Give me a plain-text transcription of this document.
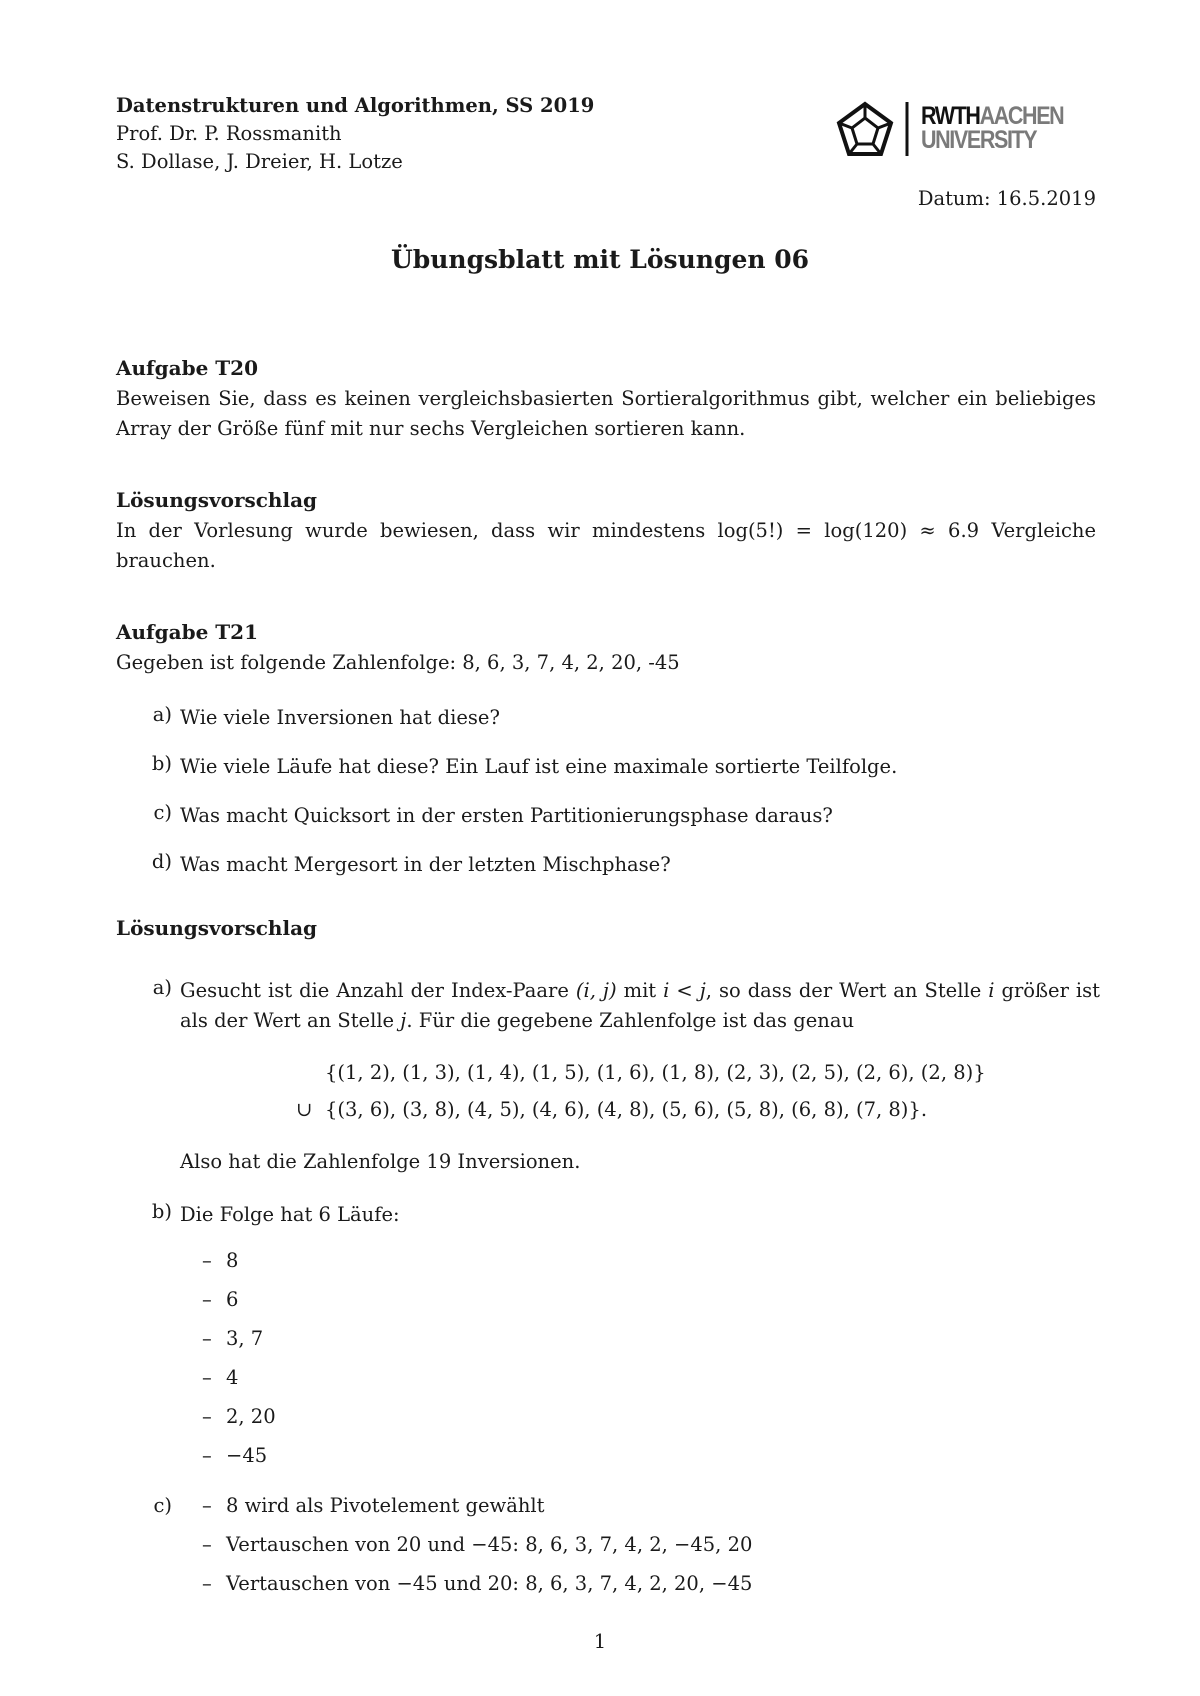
Datenstrukturen und Algorithmen, SS 2019
Prof. Dr. P. Rossmanith
S. Dollase, J. Dreier, H. Lotze
RWTHAACHEN
UNIVERSITY
Datum: 16.5.2019
Übungsblatt mit Lösungen 06
Aufgabe T20
Beweisen Sie, dass es keinen vergleichsbasierten Sortieralgorithmus gibt, welcher ein beliebiges Array der Größe fünf mit nur sechs Vergleichen sortieren kann.
Lösungsvorschlag
In der Vorlesung wurde bewiesen, dass wir mindestens log(5!) = log(120) ≈ 6.9 Vergleiche brauchen.
Aufgabe T21
Gegeben ist folgende Zahlenfolge: 8, 6, 3, 7, 4, 2, 20, -45
a) Wie viele Inversionen hat diese?
b) Wie viele Läufe hat diese? Ein Lauf ist eine maximale sortierte Teilfolge.
c) Was macht Quicksort in der ersten Partitionierungsphase daraus?
d) Was macht Mergesort in der letzten Mischphase?
Lösungsvorschlag
a) Gesucht ist die Anzahl der Index-Paare (i, j) mit i < j, so dass der Wert an Stelle i größer ist als der Wert an Stelle j. Für die gegebene Zahlenfolge ist das genau
{(1, 2), (1, 3), (1, 4), (1, 5), (1, 6), (1, 8), (2, 3), (2, 5), (2, 6), (2, 8)}
∪ {(3, 6), (3, 8), (4, 5), (4, 6), (4, 8), (5, 6), (5, 8), (6, 8), (7, 8)}.
Also hat die Zahlenfolge 19 Inversionen.
b) Die Folge hat 6 Läufe:
– 8
– 6
– 3, 7
– 4
– 2, 20
– −45
c) – 8 wird als Pivotelement gewählt
– Vertauschen von 20 und −45: 8, 6, 3, 7, 4, 2, −45, 20
– Vertauschen von −45 und 20: 8, 6, 3, 7, 4, 2, 20, −45
1
